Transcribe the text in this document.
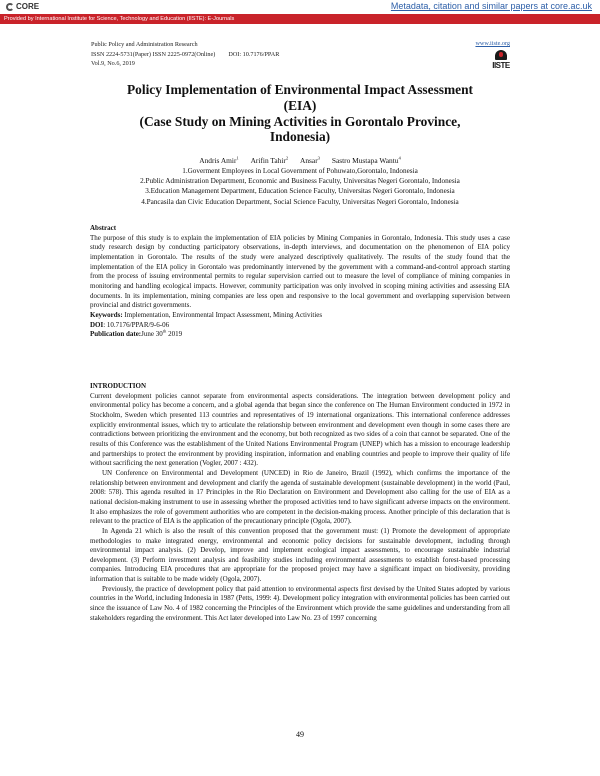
CORE	Metadata, citation and similar papers at core.ac.uk
Provided by International Institute for Science, Technology and Education (IISTE): E-Journals
Public Policy and Administration Research
ISSN 2224-5731(Paper) ISSN 2225-0972(Online) DOI: 10.7176/PPAR
Vol.9, No.6, 2019
www.iiste.org
IISTE
Policy Implementation of Environmental Impact Assessment
(EIA)
(Case Study on Mining Activities in Gorontalo Province,
Indonesia)
Andris Amir$^1$ Arifin Tahir$^2$ Ansar$^3$ Sastro Mustapa Wantu$^4$
1.Goverment Employees in Local Government of Pohuwato,Gorontalo, Indonesia
2.Public Administration Department, Economic and Business Faculty, Universitas Negeri Gorontalo, Indonesia
3.Education Management Department, Education Science Faculty, Universitas Negeri Gorontalo, Indonesia
4.Pancasila dan Civic Education Department, Social Science Faculty, Universitas Negeri Gorontalo, Indonesia
Abstract

The purpose of this study is to explain the implementation of EIA policies by Mining Companies in Gorontalo, Indonesia. This study uses a case study research design by conducting participatory observations, in-depth interviews, and documentation on the phenomenon of EIA policy implementation in Gorontalo. The results of the study were analyzed descriptively qualitatively. The results of the study found that the implementation of the EIA policy in Gorontalo was predominantly intervened by the government with a command-and-control approach starting from the process of issuing environmental permits to regular supervision carried out to measure the level of compliance of mining companies in monitoring and handling ecological impacts. However, community participation was only involved in scoping mining activities and assessing EIA documents. In its implementation, mining companies are less open and responsive to the local government and overlapping supervision between provincial and district governments.

Keywords: Implementation, Environmental Impact Assessment, Mining Activities
DOI: 10.7176/PPAR/9-6-06
Publication date:June 30th 2019
INTRODUCTION

Current development policies cannot separate from environmental aspects considerations. The integration between development policy and environmental policy has become a concern, and a global agenda that began since the conference on The Human Environment conducted in 1972 in Stockholm, Sweden which presented 113 countries and representatives of 19 international organizations. This international conference addresses explicitly environmental issues, which try to articulate the relationship between environment and development even though in some cases there are contradictions between prioritizing the environment and the economy, but both recognized as two sides of a coin that cannot be separated. One of the results of this Conference was the establishment of the United Nations Environmental Program (UNEP) which has a mission to encourage leadership and partnerships to protect the environment by providing inspiration, information and enabling countries and people to improve their quality of life without sacrificing the next generation (Vogler, 2007 : 432).

UN Conference on Environmental and Development (UNCED) in Rio de Janeiro, Brazil (1992), which confirms the importance of the relationship between environment and development and clarify the agenda of sustainable development (sustainable development) in the world (Paul, 2008: 578). This agenda resulted in 17 Principles in the Rio Declaration on Environment and Development also calling for the use of EIA as a national decision-making instrument to use in assessing whether the proposed activities tend to have significant adverse impacts on the environment. It also emphasizes the role of government authorities who are competent in the decision-making process. Another principle of this declaration that is relevant to the practice of EIA is the application of the precautionary principle (Ogola, 2007).

In Agenda 21 which is also the result of this convention proposed that the government must: (1) Promote the development of appropriate methodologies to make integrated energy, environmental and economic policy decisions for sustainable development, including through environmental impact analysis. (2) Develop, improve and implement ecological impact assessments, to encourage sustainable industrial development. (3) Perform investment analysis and feasibility studies including environmental assessments to establish forest-based processing companies. Introducing EIA procedures that are appropriate for the proposed project may have a significant impact on biodiversity, providing information that is suitable to be made widely (Ogola, 2007).

Previously, the practice of development policy that paid attention to environmental aspects first devised by the United States adopted by various countries in the World, including Indonesia in 1987 (Petts, 1999: 4). Development policy integration with environmental policies has been carried out since the issuance of Law No. 4 of 1982 concerning the Principles of the Environment which provide the same guidelines and understanding from all stakeholders regarding the environment. This Act later developed into Law No. 23 of 1997 concerning

49
